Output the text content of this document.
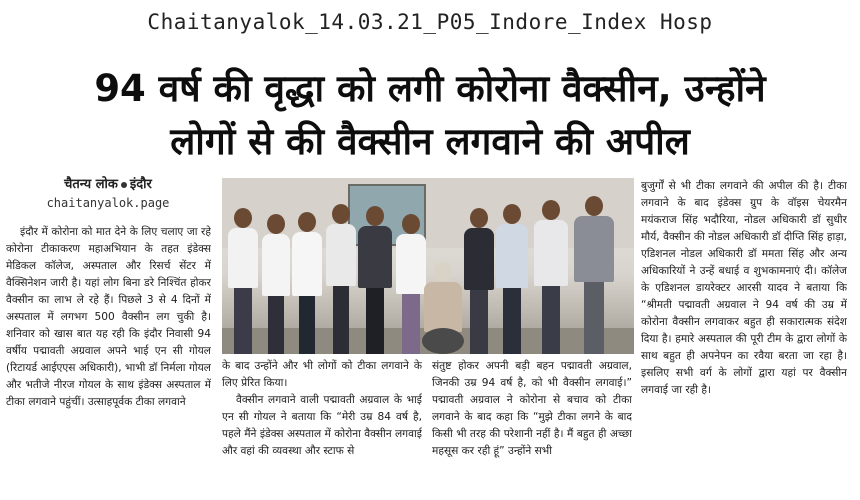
Chaitanyalok_14.03.21_P05_Indore_Index Hosp
94 वर्ष की वृद्धा को लगी कोरोना वैक्सीन, उन्होंने
लोगों से की वैक्सीन लगवाने की अपील
चैतन्य लोक इंदौर
chaitanyalok.page

इंदौर में कोरोना को मात देने के लिए चलाए जा रहे कोरोना टीकाकरण महाअभियान के तहत इंडेक्स मेडिकल कॉलेज, अस्पताल और रिसर्च सेंटर में वैक्सिनेशन जारी है। यहां लोग बिना डरे निश्चिंत होकर वैक्सीन का लाभ ले रहे हैं। पिछले 3 से 4 दिनों में अस्पताल में लगभग 500 वैक्सीन लग चुकी है। शनिवार को खास बात यह रही कि इंदौर निवासी 94 वर्षीय पद्मावती अग्रवाल अपने भाई एन सी गोयल (रिटायर्ड आईएएस अधिकारी), भाभी डॉ निर्मला गोयल और भतीजे नीरज गोयल के साथ इंडेक्स अस्पताल में टीका लगवाने पहुंचीं। उत्साहपूर्वक टीका लगवाने

के बाद उन्होंने और भी लोगों को टीका लगवाने के लिए प्रेरित किया।

वैक्सीन लगवाने वाली पद्मावती अग्रवाल के भाई एन सी गोयल ने बताया कि “मेरी उम्र 84 वर्ष है, पहले मैंने इंडेक्स अस्पताल में कोरोना वैक्सीन लगवाई और वहां की व्यवस्था और स्टाफ से

संतुष्ट होकर अपनी बड़ी बहन पद्मावती अग्रवाल, जिनकी उम्र 94 वर्ष है, को भी वैक्सीन लगवाई।” पद्मावती अग्रवाल ने कोरोना से बचाव को टीका लगवाने के बाद कहा कि “मुझे टीका लगने के बाद किसी भी तरह की परेशानी नहीं है। मैं बहुत ही अच्छा महसूस कर रही हूं” उन्होंने सभी

बुजुर्गों से भी टीका लगवाने की अपील की है। टीका लगवाने के बाद इंडेक्स ग्रुप के वॉइस चेयरमैन मयंकराज सिंह भदौरिया, नोडल अधिकारी डॉ सुधीर मौर्य, वैक्सीन की नोडल अधिकारी डॉ दीप्ति सिंह हाड़ा, एडिशनल नोडल अधिकारी डॉ ममता सिंह और अन्य अधिकारियों ने उन्हें बधाई व शुभकामनाएं दी। कॉलेज के एडिशनल डायरेक्टर आरसी यादव ने बताया कि “श्रीमती पद्मावती अग्रवाल ने 94 वर्ष की उम्र में कोरोना वैक्सीन लगवाकर बहुत ही सकारात्मक संदेश दिया है। हमारे अस्पताल की पूरी टीम के द्वारा लोगों के साथ बहुत ही अपनेपन का रवैया बरता जा रहा है। इसलिए सभी वर्ग के लोगों द्वारा यहां पर वैक्सीन लगवाई जा रही है।
